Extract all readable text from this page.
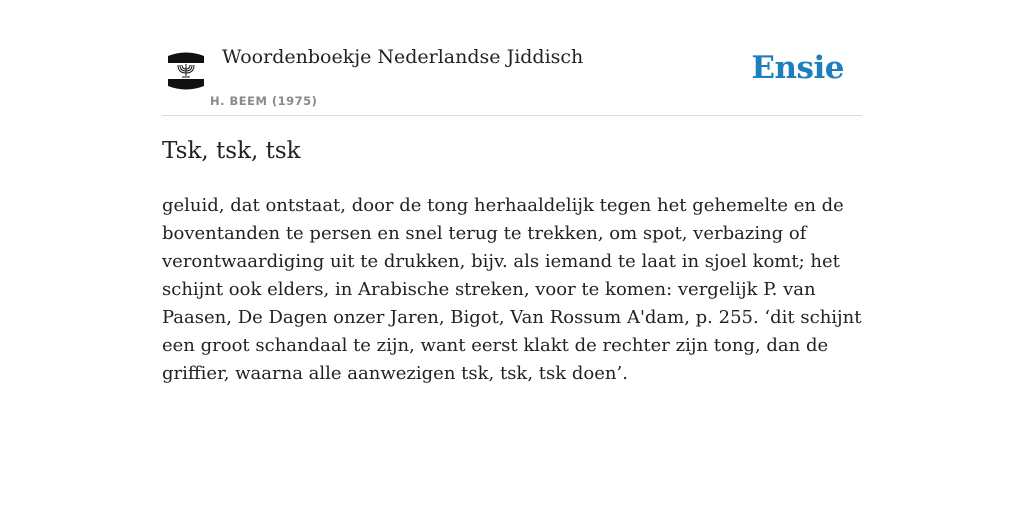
Woordenboekje Nederlandse Jiddisch
H. BEEM (1975)
Ensie
Tsk, tsk, tsk

geluid, dat ontstaat, door de tong herhaaldelijk tegen het gehemelte en de boventanden te persen en snel terug te trekken, om spot, verbazing of verontwaardiging uit te drukken, bijv. als iemand te laat in sjoel komt; het schijnt ook elders, in Arabische streken, voor te komen: vergelijk P. van Paasen, De Dagen onzer Jaren, Bigot, Van Rossum A'dam, p. 255. ‘dit schijnt een groot schandaal te zijn, want eerst klakt de rechter zijn tong, dan de griffier, waarna alle aanwezigen tsk, tsk, tsk doen’.
